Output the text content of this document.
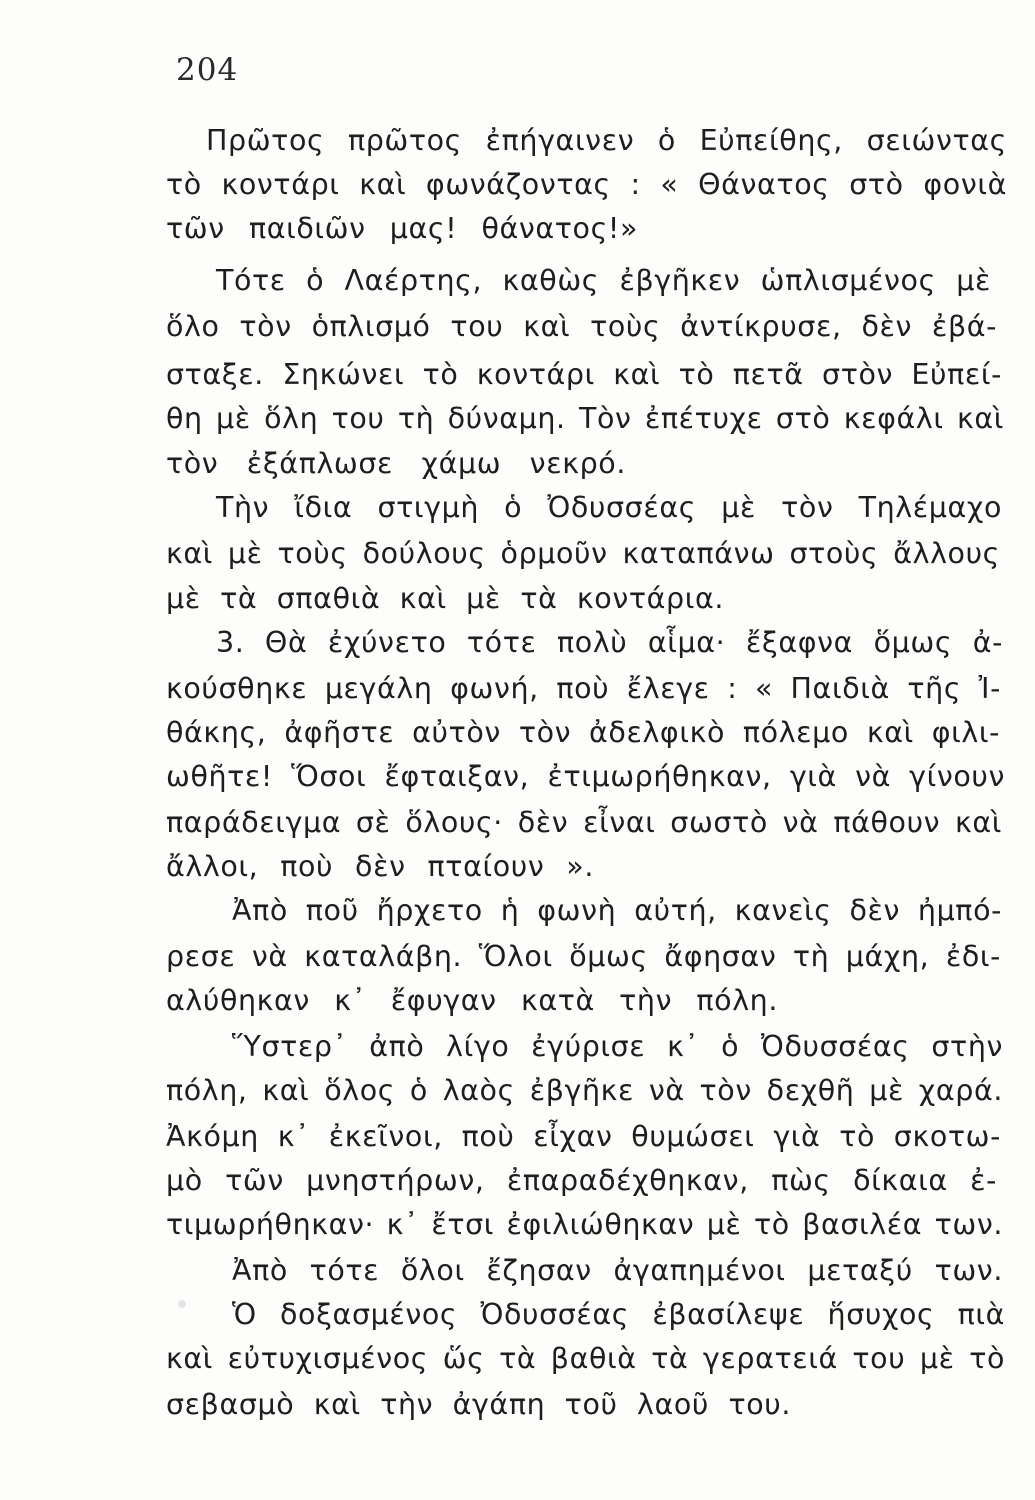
204
Πρῶτος πρῶτος ἐπήγαινεν ὁ Εὐπείθης, σειώντας
τὸ κοντάρι καὶ φωνάζοντας : « Θάνατος στὸ φονιὰ
τῶν παιδιῶν μας! θάνατος!»
Τότε ὁ Λαέρτης, καθὼς ἐβγῆκεν ὡπλισμένος μὲ
ὅλο τὸν ὁπλισμό του καὶ τοὺς ἀντίκρυσε, δὲν ἐβά-
σταξε. Σηκώνει τὸ κοντάρι καὶ τὸ πετᾶ στὸν Εὐπεί-
θη μὲ ὅλη του τὴ δύναμη. Τὸν ἐπέτυχε στὸ κεφάλι καὶ
τὸν ἐξάπλωσε χάμω νεκρό.
Τὴν ἴδια στιγμὴ ὁ Ὀδυσσέας μὲ τὸν Τηλέμαχο
καὶ μὲ τοὺς δούλους ὁρμοῦν καταπάνω στοὺς ἄλλους
μὲ τὰ σπαθιὰ καὶ μὲ τὰ κοντάρια.
3. Θὰ ἐχύνετο τότε πολὺ αἷμα· ἔξαφνα ὅμως ἀ-
κούσθηκε μεγάλη φωνή, ποὺ ἔλεγε : « Παιδιὰ τῆς Ἰ-
θάκης, ἀφῆστε αὐτὸν τὸν ἀδελφικὸ πόλεμο καὶ φιλι-
ωθῆτε! Ὅσοι ἔφταιξαν, ἐτιμωρήθηκαν, γιὰ νὰ γίνουν
παράδειγμα σὲ ὅλους· δὲν εἶναι σωστὸ νὰ πάθουν καὶ
ἄλλοι, ποὺ δὲν πταίουν ».
Ἀπὸ ποῦ ἤρχετο ἡ φωνὴ αὐτή, κανεὶς δὲν ἠμπό-
ρεσε νὰ καταλάβη. Ὅλοι ὅμως ἄφησαν τὴ μάχη, ἐδι-
αλύθηκαν κ᾽ ἔφυγαν κατὰ τὴν πόλη.
Ὕστερ᾽ ἀπὸ λίγο ἐγύρισε κ᾽ ὁ Ὀδυσσέας στὴν
πόλη, καὶ ὅλος ὁ λαὸς ἐβγῆκε νὰ τὸν δεχθῆ μὲ χαρά.
Ἀκόμη κ᾽ ἐκεῖνοι, ποὺ εἶχαν θυμώσει γιὰ τὸ σκοτω-
μὸ τῶν μνηστήρων, ἐπαραδέχθηκαν, πὼς δίκαια ἐ-
τιμωρήθηκαν· κ᾽ ἔτσι ἐφιλιώθηκαν μὲ τὸ βασιλέα των.
Ἀπὸ τότε ὅλοι ἔζησαν ἀγαπημένοι μεταξύ των.
Ὁ δοξασμένος Ὀδυσσέας ἐβασίλεψε ἥσυχος πιὰ
καὶ εὐτυχισμένος ὥς τὰ βαθιὰ τὰ γερατειά του μὲ τὸ
σεβασμὸ καὶ τὴν ἀγάπη τοῦ λαοῦ του.
